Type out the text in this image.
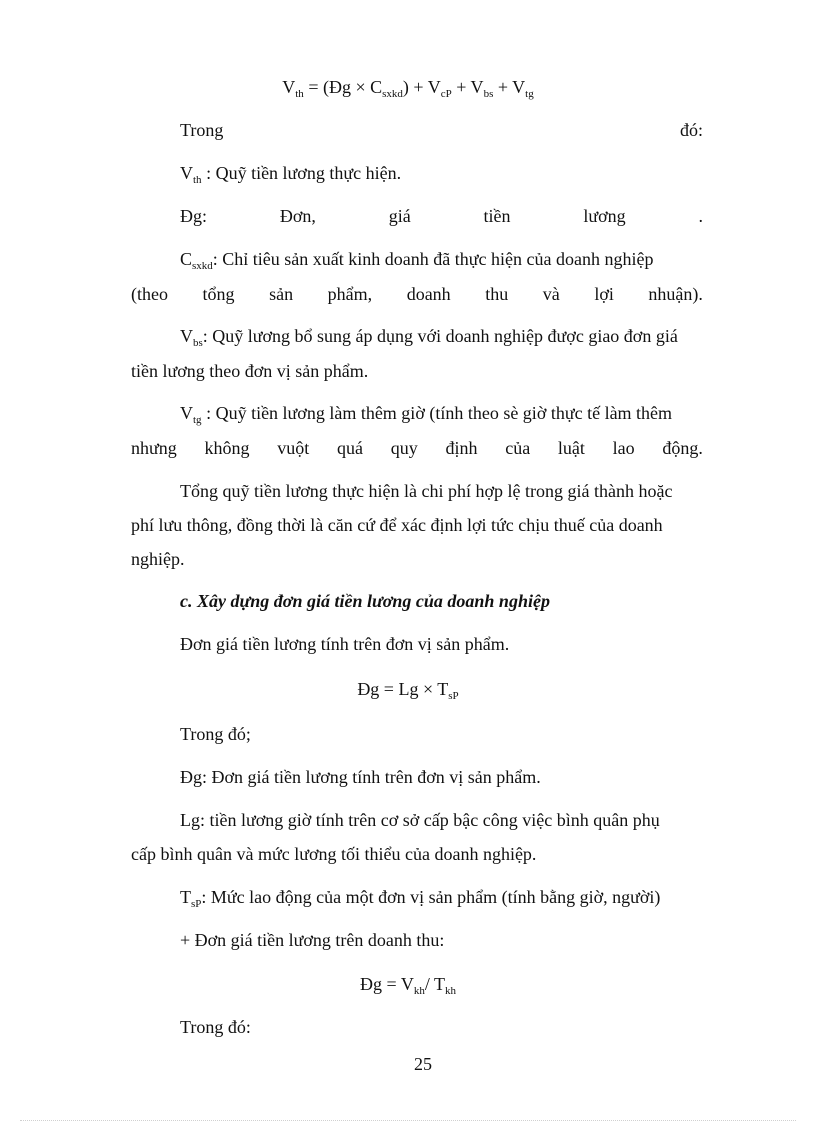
$V_{th}$ = (Đg × $C_{sxkd}) + V_{cP} + V_{bs} + V_{tg}$
Trong	đó:
$V_{th}$ : Quỹ tiền lương thực hiện.
Đg:	Đơn,	giá	tiền	lương	.
$C_{sxkd}$: Chỉ tiêu sản xuất kinh doanh đã thực hiện của doanh nghiệp
(theo tổng sản phẩm, doanh thu và lợi nhuận).
$V_{bs}$: Quỹ lương bổ sung áp dụng với doanh nghiệp được giao đơn giá
tiền lương theo đơn vị sản phẩm.
$V_{tg}$ : Quỹ tiền lương làm thêm giờ (tính theo sè giờ thực tế làm thêm
nhưng không vuột quá quy định của luật lao động.
Tổng quỹ tiền lương thực hiện là chi phí hợp lệ trong giá thành hoặc
phí lưu thông, đồng thời là căn cứ để xác định lợi tức chịu thuế của doanh
nghiệp.
c. Xây dựng đơn giá tiền lương của doanh nghiệp
Đơn giá tiền lương tính trên đơn vị sản phẩm.
Đg = $Lg \times T_{sP}$
Trong đó;
Đg: Đơn giá tiền lương tính trên đơn vị sản phẩm.
Lg: tiền lương giờ tính trên cơ sở cấp bậc công việc bình quân phụ
cấp bình quân và mức lương tối thiểu của doanh nghiệp.
$T_{sP}$: Mức lao động của một đơn vị sản phẩm (tính bằng giờ, người)
+ Đơn giá tiền lương trên doanh thu:
Đg = $V_{kh}/$ $T_{kh}$
Trong đó:
25
